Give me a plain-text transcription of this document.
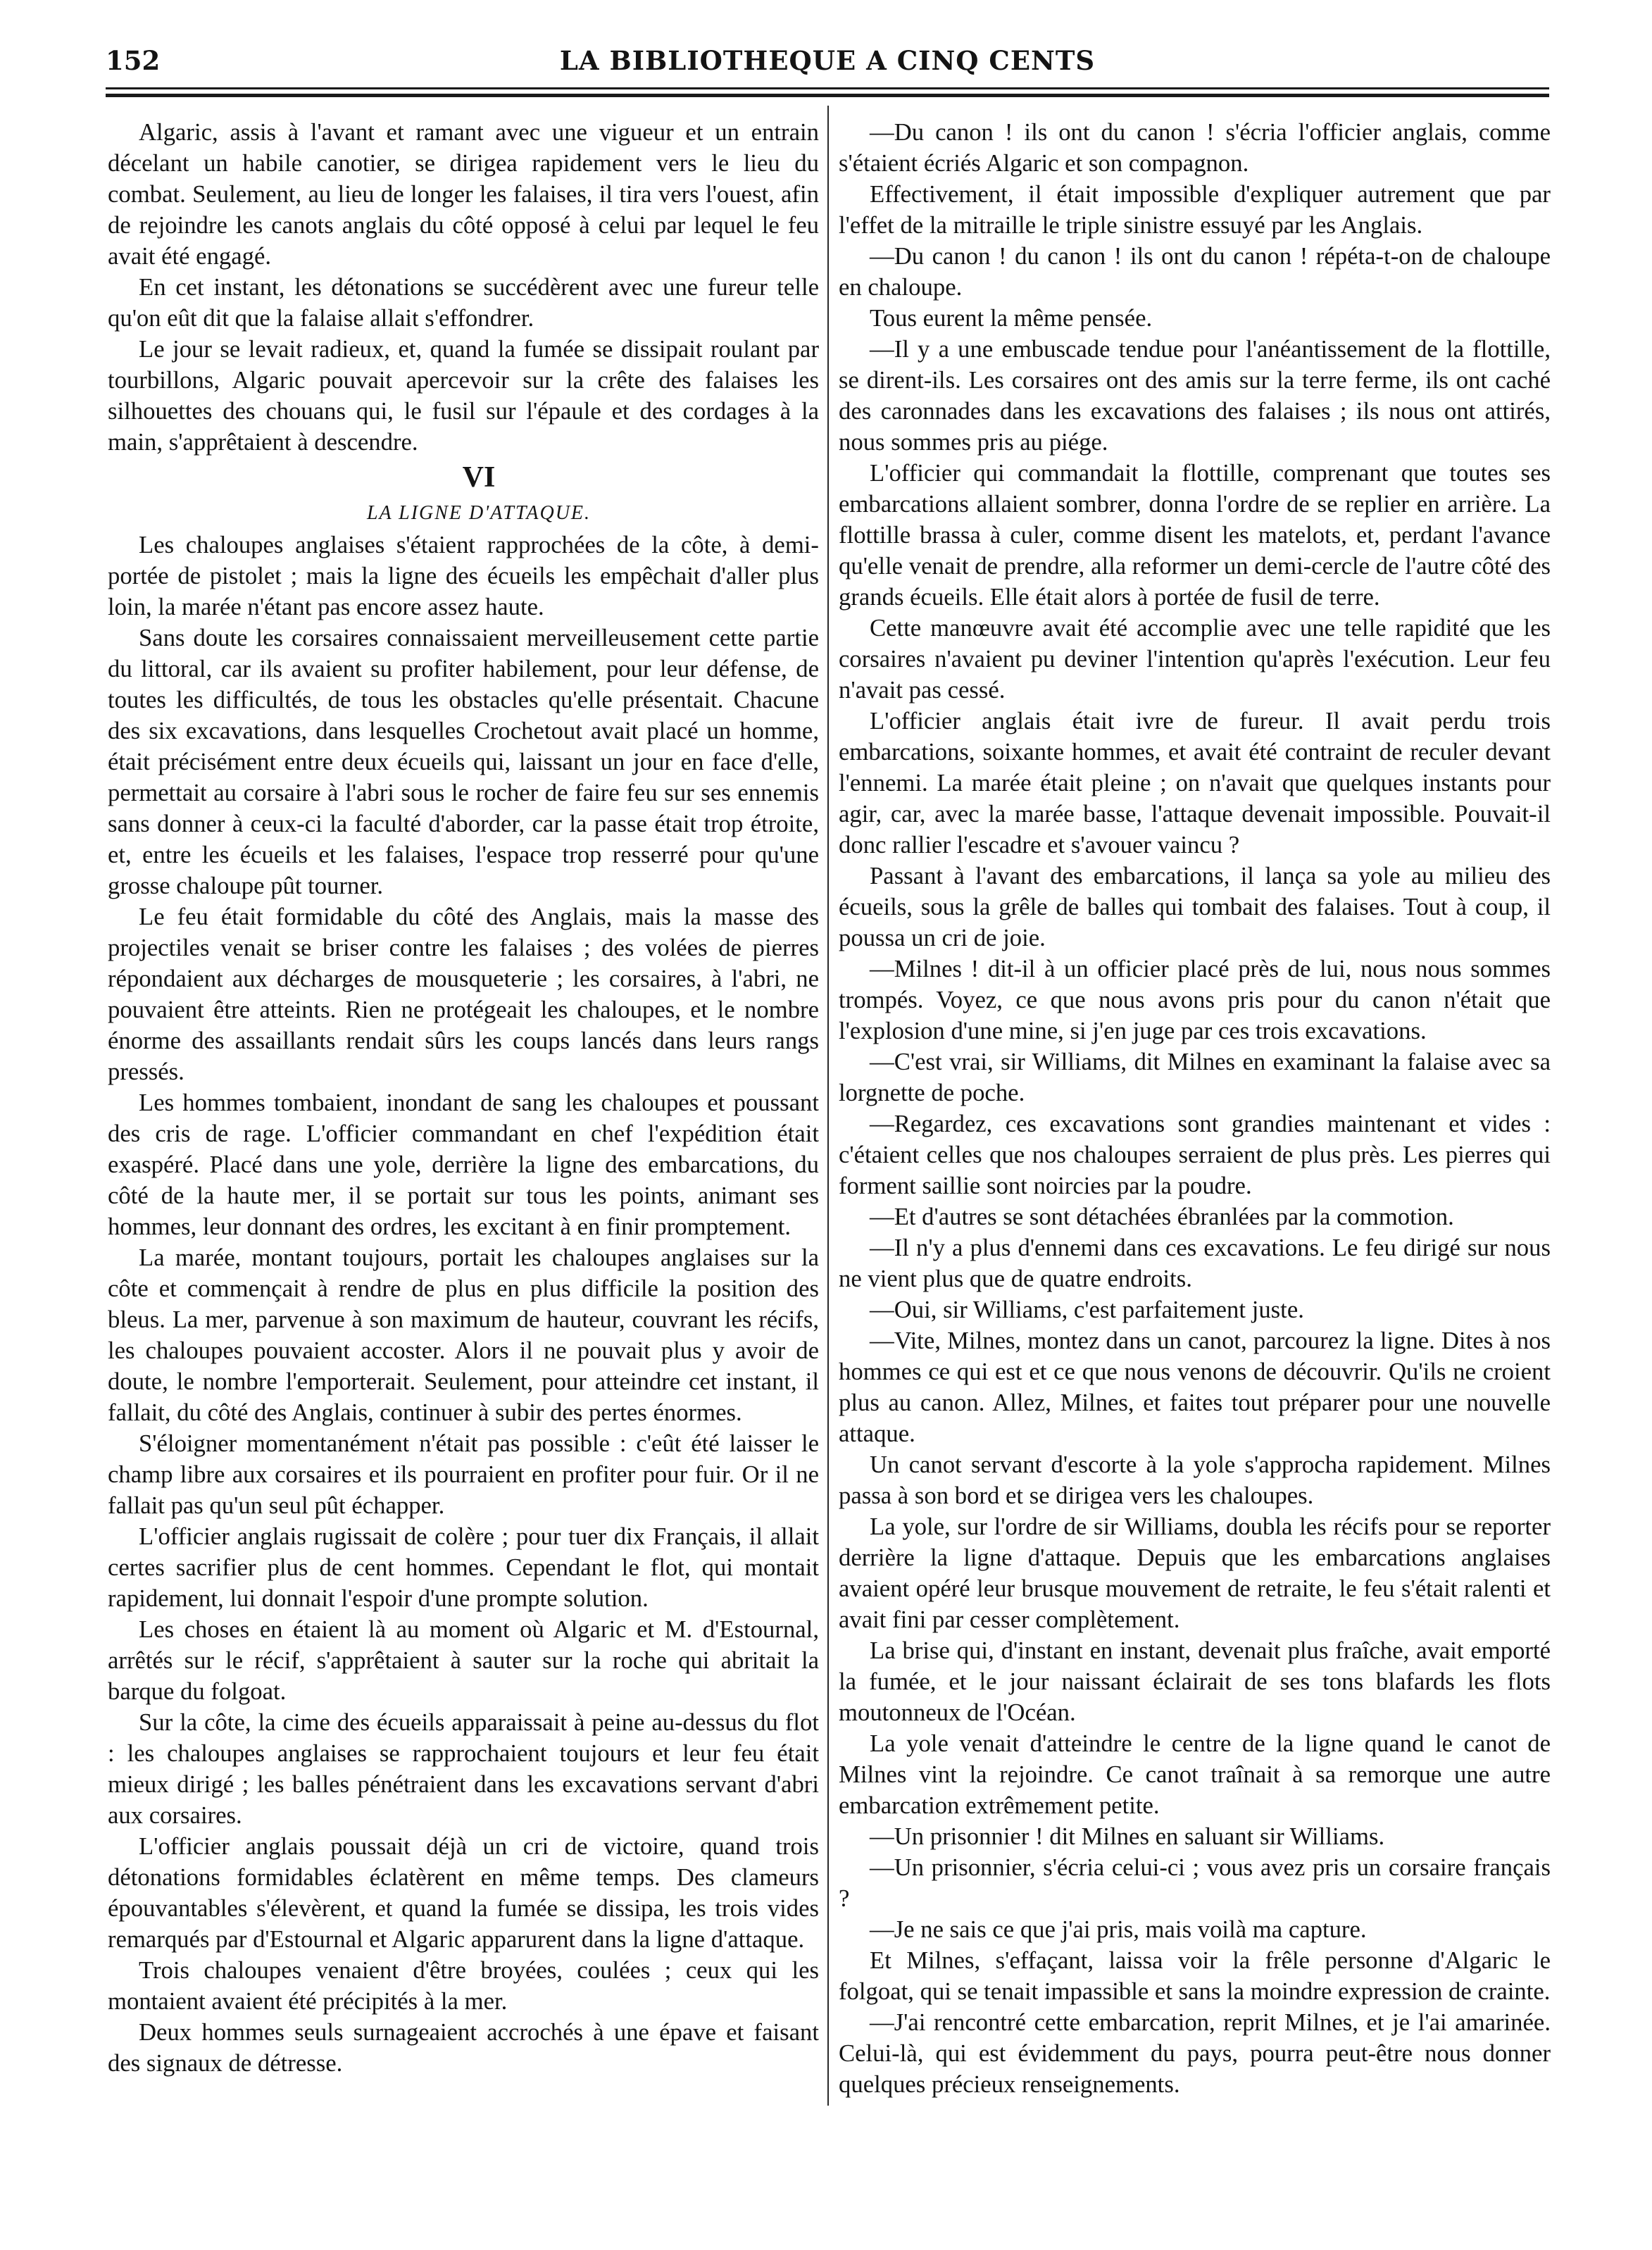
152	LA BIBLIOTHEQUE A CINQ CENTS

Algaric, assis à l'avant et ramant avec une vigueur et un entrain décelant un habile canotier, se dirigea rapidement vers le lieu du combat. Seulement, au lieu de longer les falaises, il tira vers l'ouest, afin de rejoindre les canots anglais du côté opposé à celui par lequel le feu avait été engagé.

En cet instant, les détonations se succédèrent avec une fureur telle qu'on eût dit que la falaise allait s'effondrer.

Le jour se levait radieux, et, quand la fumée se dissipait roulant par tourbillons, Algaric pouvait apercevoir sur la crête des falaises les silhouettes des chouans qui, le fusil sur l'épaule et des cordages à la main, s'apprêtaient à descendre.

VI

LA LIGNE D'ATTAQUE.

Les chaloupes anglaises s'étaient rapprochées de la côte, à demi-portée de pistolet ; mais la ligne des écueils les empêchait d'aller plus loin, la marée n'étant pas encore assez haute.

Sans doute les corsaires connaissaient merveilleusement cette partie du littoral, car ils avaient su profiter habilement, pour leur défense, de toutes les difficultés, de tous les obstacles qu'elle présentait. Chacune des six excavations, dans lesquelles Crochetout avait placé un homme, était précisément entre deux écueils qui, laissant un jour en face d'elle, permettait au corsaire à l'abri sous le rocher de faire feu sur ses ennemis sans donner à ceux-ci la faculté d'aborder, car la passe était trop étroite, et, entre les écueils et les falaises, l'espace trop resserré pour qu'une grosse chaloupe pût tourner.

Le feu était formidable du côté des Anglais, mais la masse des projectiles venait se briser contre les falaises ; des volées de pierres répondaient aux décharges de mousqueterie ; les corsaires, à l'abri, ne pouvaient être atteints. Rien ne protégeait les chaloupes, et le nombre énorme des assaillants rendait sûrs les coups lancés dans leurs rangs pressés.

Les hommes tombaient, inondant de sang les chaloupes et poussant des cris de rage. L'officier commandant en chef l'expédition était exaspéré. Placé dans une yole, derrière la ligne des embarcations, du côté de la haute mer, il se portait sur tous les points, animant ses hommes, leur donnant des ordres, les excitant à en finir promptement.

La marée, montant toujours, portait les chaloupes anglaises sur la côte et commençait à rendre de plus en plus difficile la position des bleus. La mer, parvenue à son maximum de hauteur, couvrant les récifs, les chaloupes pouvaient accoster. Alors il ne pouvait plus y avoir de doute, le nombre l'emporterait. Seulement, pour atteindre cet instant, il fallait, du côté des Anglais, continuer à subir des pertes énormes.

S'éloigner momentanément n'était pas possible : c'eût été laisser le champ libre aux corsaires et ils pourraient en profiter pour fuir. Or il ne fallait pas qu'un seul pût échapper.

L'officier anglais rugissait de colère ; pour tuer dix Français, il allait certes sacrifier plus de cent hommes. Cependant le flot, qui montait rapidement, lui donnait l'espoir d'une prompte solution.

Les choses en étaient là au moment où Algaric et M. d'Estournal, arrêtés sur le récif, s'apprêtaient à sauter sur la roche qui abritait la barque du folgoat.

Sur la côte, la cime des écueils apparaissait à peine au-dessus du flot : les chaloupes anglaises se rapprochaient toujours et leur feu était mieux dirigé ; les balles pénétraient dans les excavations servant d'abri aux corsaires.

L'officier anglais poussait déjà un cri de victoire, quand trois détonations formidables éclatèrent en même temps. Des clameurs épouvantables s'élevèrent, et quand la fumée se dissipa, les trois vides remarqués par d'Estournal et Algaric apparurent dans la ligne d'attaque.

Trois chaloupes venaient d'être broyées, coulées ; ceux qui les montaient avaient été précipités à la mer.

Deux hommes seuls surnageaient accrochés à une épave et faisant des signaux de détresse.

—Du canon ! ils ont du canon ! s'écria l'officier anglais, comme s'étaient écriés Algaric et son compagnon.

Effectivement, il était impossible d'expliquer autrement que par l'effet de la mitraille le triple sinistre essuyé par les Anglais.

—Du canon ! du canon ! ils ont du canon ! répéta-t-on de chaloupe en chaloupe.

Tous eurent la même pensée.

—Il y a une embuscade tendue pour l'anéantissement de la flottille, se dirent-ils. Les corsaires ont des amis sur la terre ferme, ils ont caché des caronnades dans les excavations des falaises ; ils nous ont attirés, nous sommes pris au piége.

L'officier qui commandait la flottille, comprenant que toutes ses embarcations allaient sombrer, donna l'ordre de se replier en arrière. La flottille brassa à culer, comme disent les matelots, et, perdant l'avance qu'elle venait de prendre, alla reformer un demi-cercle de l'autre côté des grands écueils. Elle était alors à portée de fusil de terre.

Cette manœuvre avait été accomplie avec une telle rapidité que les corsaires n'avaient pu deviner l'intention qu'après l'exécution. Leur feu n'avait pas cessé.

L'officier anglais était ivre de fureur. Il avait perdu trois embarcations, soixante hommes, et avait été contraint de reculer devant l'ennemi. La marée était pleine ; on n'avait que quelques instants pour agir, car, avec la marée basse, l'attaque devenait impossible. Pouvait-il donc rallier l'escadre et s'avouer vaincu ?

Passant à l'avant des embarcations, il lança sa yole au milieu des écueils, sous la grêle de balles qui tombait des falaises. Tout à coup, il poussa un cri de joie.

—Milnes ! dit-il à un officier placé près de lui, nous nous sommes trompés. Voyez, ce que nous avons pris pour du canon n'était que l'explosion d'une mine, si j'en juge par ces trois excavations.

—C'est vrai, sir Williams, dit Milnes en examinant la falaise avec sa lorgnette de poche.

—Regardez, ces excavations sont grandies maintenant et vides : c'étaient celles que nos chaloupes serraient de plus près. Les pierres qui forment saillie sont noircies par la poudre.

—Et d'autres se sont détachées ébranlées par la commotion.

—Il n'y a plus d'ennemi dans ces excavations. Le feu dirigé sur nous ne vient plus que de quatre endroits.

—Oui, sir Williams, c'est parfaitement juste.

—Vite, Milnes, montez dans un canot, parcourez la ligne. Dites à nos hommes ce qui est et ce que nous venons de découvrir. Qu'ils ne croient plus au canon. Allez, Milnes, et faites tout préparer pour une nouvelle attaque.

Un canot servant d'escorte à la yole s'approcha rapidement. Milnes passa à son bord et se dirigea vers les chaloupes.

La yole, sur l'ordre de sir Williams, doubla les récifs pour se reporter derrière la ligne d'attaque. Depuis que les embarcations anglaises avaient opéré leur brusque mouvement de retraite, le feu s'était ralenti et avait fini par cesser complètement.

La brise qui, d'instant en instant, devenait plus fraîche, avait emporté la fumée, et le jour naissant éclairait de ses tons blafards les flots moutonneux de l'Océan.

La yole venait d'atteindre le centre de la ligne quand le canot de Milnes vint la rejoindre. Ce canot traînait à sa remorque une autre embarcation extrêmement petite.

—Un prisonnier ! dit Milnes en saluant sir Williams.

—Un prisonnier, s'écria celui-ci ; vous avez pris un corsaire français ?

—Je ne sais ce que j'ai pris, mais voilà ma capture.

Et Milnes, s'effaçant, laissa voir la frêle personne d'Algaric le folgoat, qui se tenait impassible et sans la moindre expression de crainte.

—J'ai rencontré cette embarcation, reprit Milnes, et je l'ai amarinée. Celui-là, qui est évidemment du pays, pourra peut-être nous donner quelques précieux renseignements.
